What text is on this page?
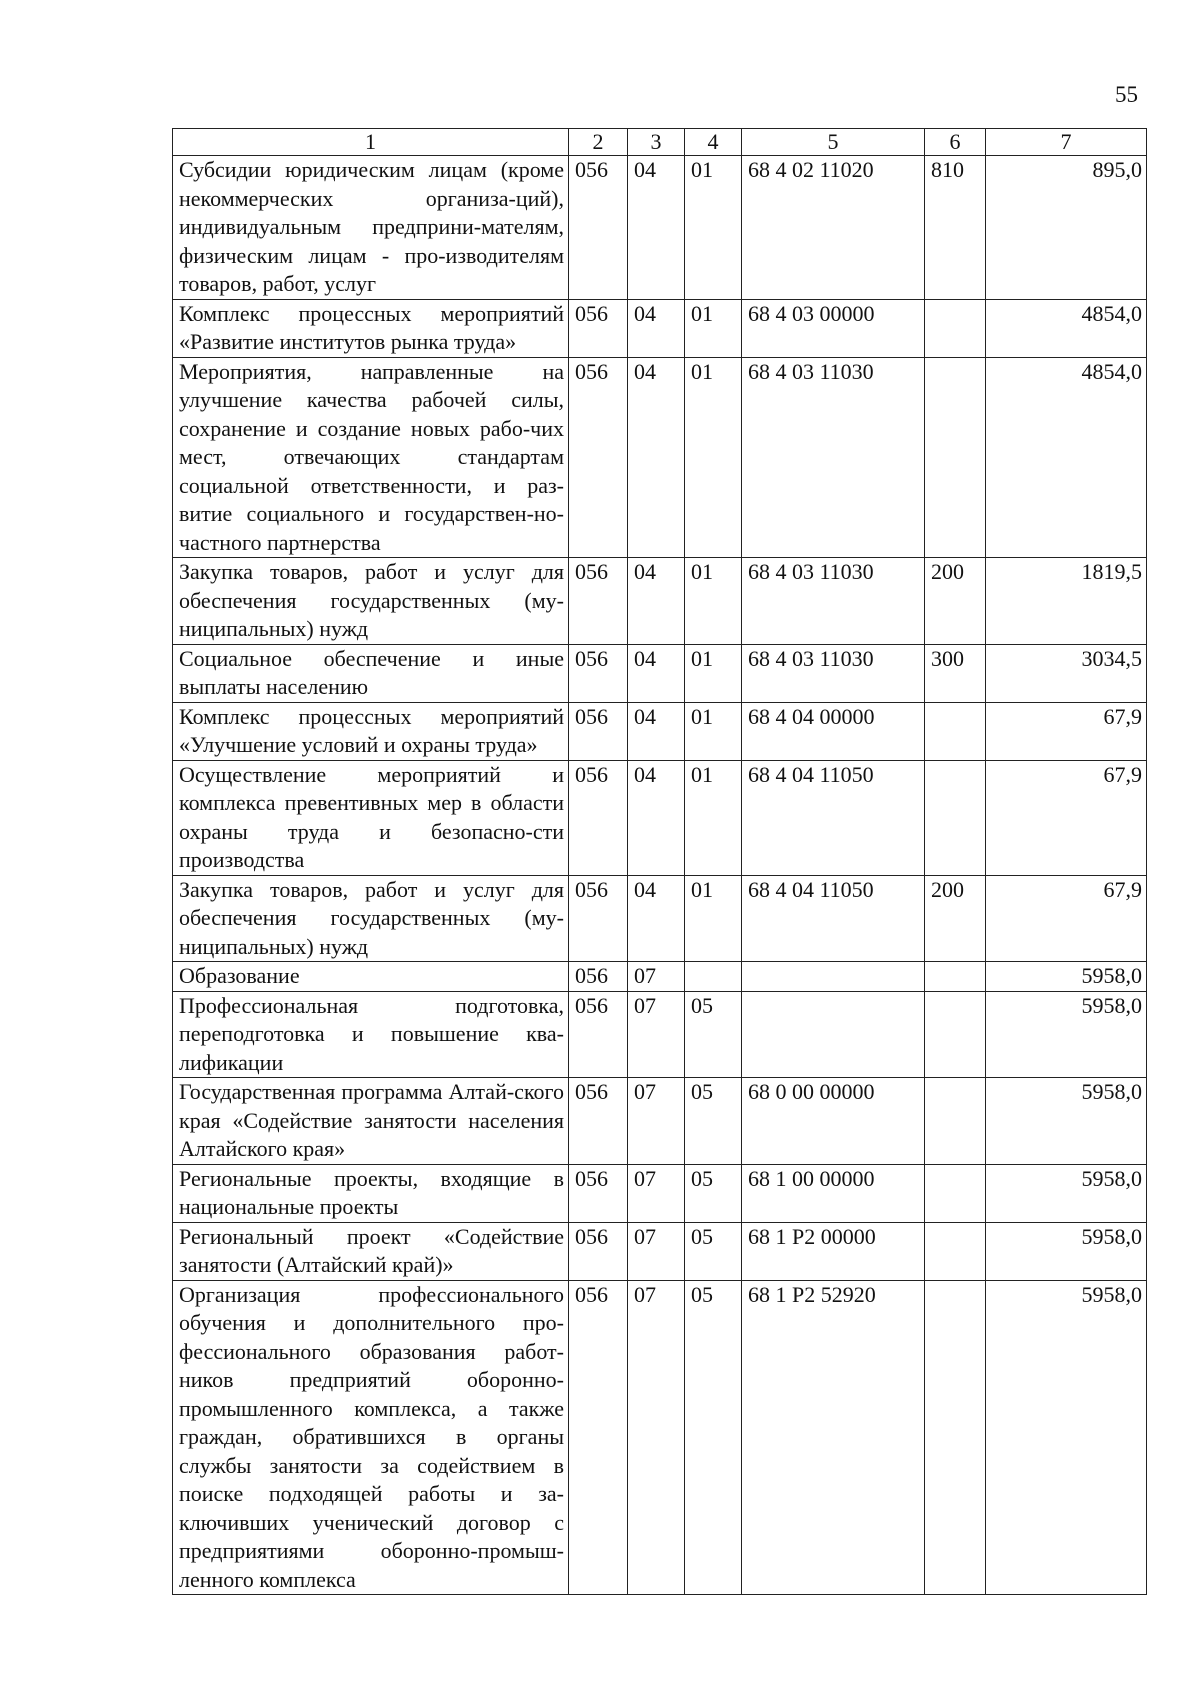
55
1	2	3	4	5	6	7
Субсидии юридическим лицам (кроме некоммерческих организа-ций), индивидуальным предприни-мателям, физическим лицам - про-изводителям товаров, работ, услуг	056	04	01	68 4 02 11020	810	895,0
Комплекс процессных мероприятий «Развитие институтов рынка труда»	056	04	01	68 4 03 00000		4854,0
Мероприятия, направленные на улучшение качества рабочей силы, сохранение и создание новых рабо-чих мест, отвечающих стандартам социальной ответственности, и раз-витие социального и государствен-но-частного партнерства	056	04	01	68 4 03 11030		4854,0
Закупка товаров, работ и услуг для обеспечения государственных (му-ниципальных) нужд	056	04	01	68 4 03 11030	200	1819,5
Социальное обеспечение и иные выплаты населению	056	04	01	68 4 03 11030	300	3034,5
Комплекс процессных мероприятий «Улучшение условий и охраны труда»	056	04	01	68 4 04 00000		67,9
Осуществление мероприятий и комплекса превентивных мер в области охраны труда и безопасно-сти производства	056	04	01	68 4 04 11050		67,9
Закупка товаров, работ и услуг для обеспечения государственных (му-ниципальных) нужд	056	04	01	68 4 04 11050	200	67,9
Образование	056	07				5958,0
Профессиональная подготовка, переподготовка и повышение ква-лификации	056	07	05			5958,0
Государственная программа Алтай-ского края «Содействие занятости населения Алтайского края»	056	07	05	68 0 00 00000		5958,0
Региональные проекты, входящие в национальные проекты	056	07	05	68 1 00 00000		5958,0
Региональный проект «Содействие занятости (Алтайский край)»	056	07	05	68 1 Р2 00000		5958,0
Организация профессионального обучения и дополнительного про-фессионального образования работ-ников предприятий оборонно-промышленного комплекса, а также граждан, обратившихся в органы службы занятости за содействием в поиске подходящей работы и за-ключивших ученический договор с предприятиями оборонно-промыш-ленного комплекса	056	07	05	68 1 Р2 52920		5958,0
